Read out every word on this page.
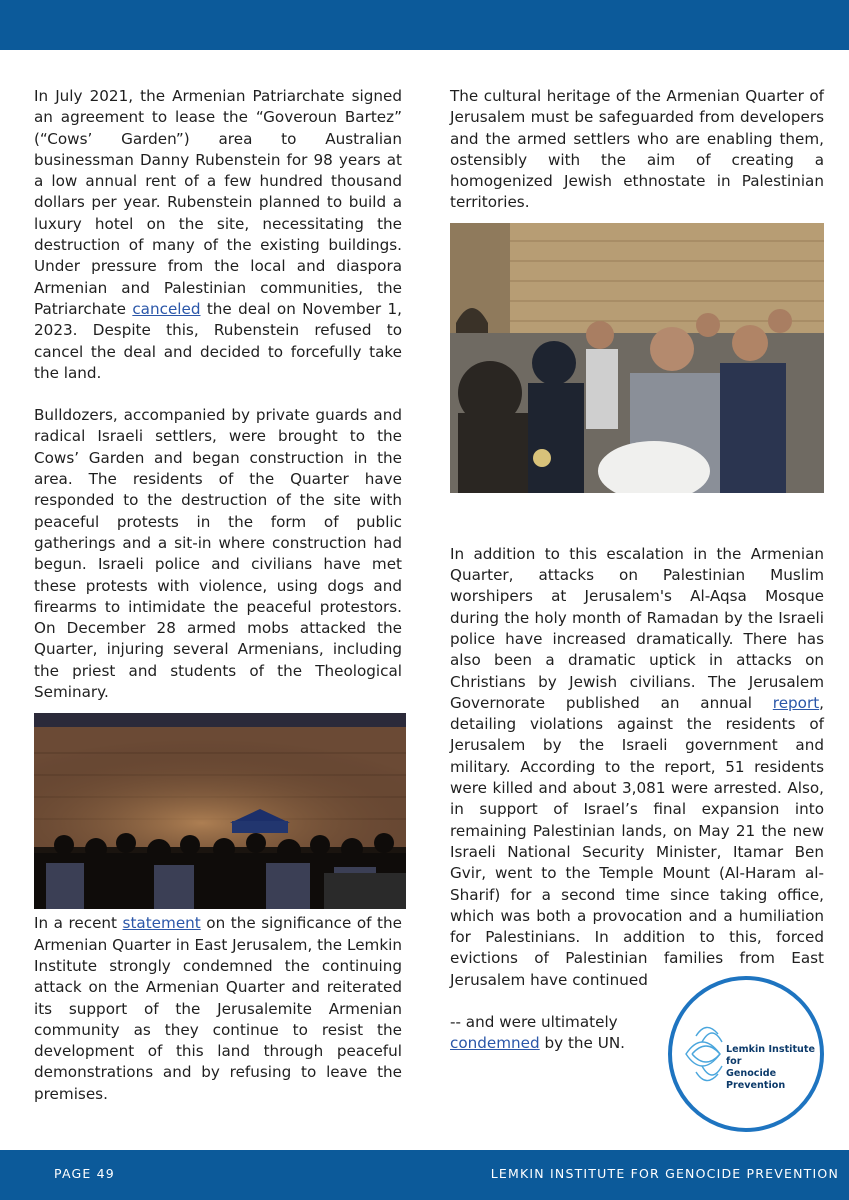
In July 2021, the Armenian Patriarchate signed an agreement to lease the “Goveroun Bartez” (“Cows’ Garden”) area to Australian businessman Danny Rubenstein for 98 years at a low annual rent of a few hundred thousand dollars per year. Rubenstein planned to build a luxury hotel on the site, necessitating the destruction of many of the existing buildings. Under pressure from the local and diaspora Armenian and Palestinian communities, the Patriarchate canceled the deal on November 1, 2023. Despite this, Rubenstein refused to cancel the deal and decided to forcefully take the land.

Bulldozers, accompanied by private guards and radical Israeli settlers, were brought to the Cows’ Garden and began construction in the area. The residents of the Quarter have responded to the destruction of the site with peaceful protests in the form of public gatherings and a sit-in where construction had begun. Israeli police and civilians have met these protests with violence, using dogs and firearms to intimidate the peaceful protestors. On December 28 armed mobs attacked the Quarter, injuring several Armenians, including the priest and students of the Theological Seminary.

In a recent statement on the significance of the Armenian Quarter in East Jerusalem, the Lemkin Institute strongly condemned the continuing attack on the Armenian Quarter and reiterated its support of the Jerusalemite Armenian community as they continue to resist the development of this land through peaceful demonstrations and by refusing to leave the premises.

The cultural heritage of the Armenian Quarter of Jerusalem must be safeguarded from developers and the armed settlers who are enabling them, ostensibly with the aim of creating a homogenized Jewish ethnostate in Palestinian territories.

In addition to this escalation in the Armenian Quarter, attacks on Palestinian Muslim worshipers at Jerusalem's Al-Aqsa Mosque during the holy month of Ramadan by the Israeli police have increased dramatically. There has also been a dramatic uptick in attacks on Christians by Jewish civilians. The Jerusalem Governorate published an annual report, detailing violations against the residents of Jerusalem by the Israeli government and military. According to the report, 51 residents were killed and about 3,081 were arrested. Also, in support of Israel’s final expansion into remaining Palestinian lands, on May 21 the new Israeli National Security Minister, Itamar Ben Gvir, went to the Temple Mount (Al-Haram al-Sharif) for a second time since taking office, which was both a provocation and a humiliation for Palestinians. In addition to this, forced evictions of Palestinian families from East Jerusalem have continued

-- and were ultimately
condemned by the UN.	Lemkin Institute for
Genocide Prevention
PAGE 49	LEMKIN INSTITUTE FOR GENOCIDE PREVENTION
